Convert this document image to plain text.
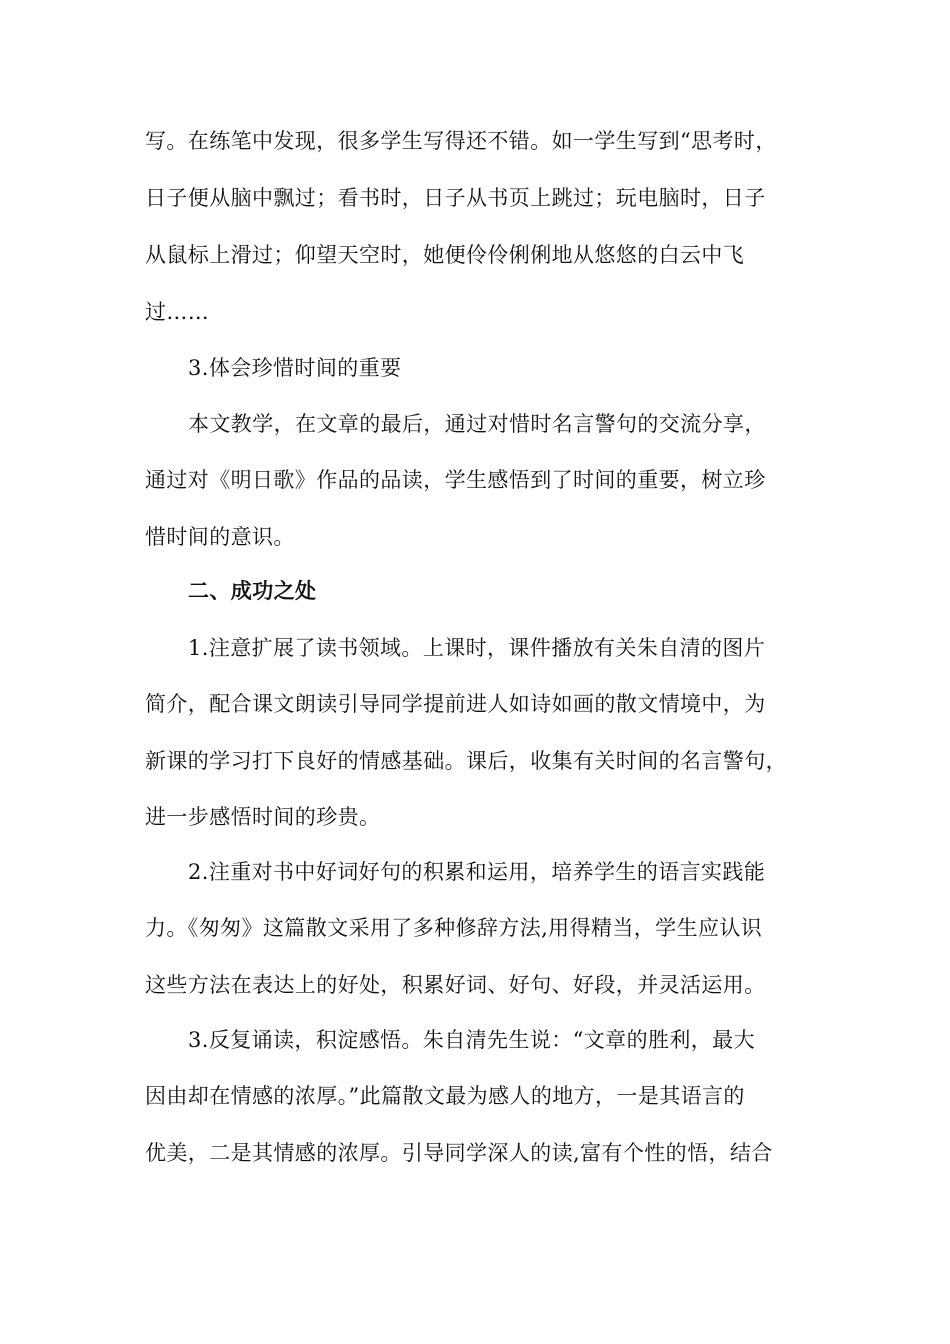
写。在练笔中发现，很多学生写得还不错。如一学生写到“思考时，
日子便从脑中飘过；看书时，日子从书页上跳过；玩电脑时，日子
从鼠标上滑过；仰望天空时，她便伶伶俐俐地从悠悠的白云中飞
过……
3.体会珍惜时间的重要
本文教学，在文章的最后，通过对惜时名言警句的交流分享，
通过对《明日歌》作品的品读，学生感悟到了时间的重要，树立珍
惜时间的意识。
二、成功之处
1.注意扩展了读书领域。上课时，课件播放有关朱自清的图片
简介，配合课文朗读引导同学提前进人如诗如画的散文情境中，为
新课的学习打下良好的情感基础。课后，收集有关时间的名言警句，
进一步感悟时间的珍贵。
2.注重对书中好词好句的积累和运用，培养学生的语言实践能
力。《匆匆》这篇散文采用了多种修辞方法,用得精当，学生应认识
这些方法在表达上的好处，积累好词、好句、好段，并灵活运用。
3.反复诵读，积淀感悟。朱自清先生说：“文章的胜利，最大
因由却在情感的浓厚。”此篇散文最为感人的地方，一是其语言的
优美，二是其情感的浓厚。引导同学深人的读,富有个性的悟，结合
